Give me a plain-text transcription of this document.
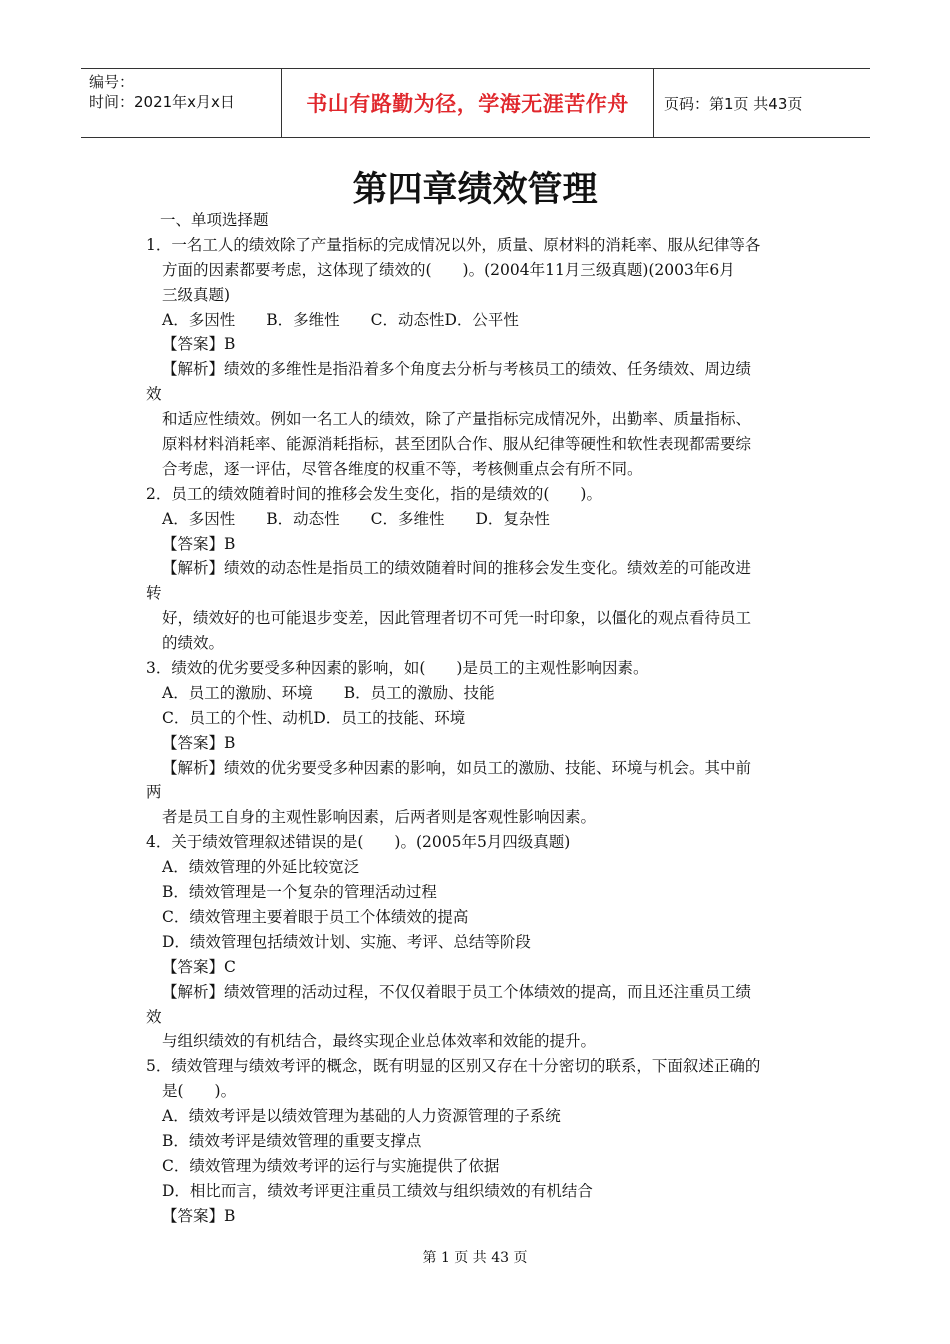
编号：
时间：2021年x月x日	书山有路勤为径，学海无涯苦作舟 页码：第1页 共43页
第四章绩效管理
一、单项选择题
1．一名工人的绩效除了产量指标的完成情况以外，质量、原材料的消耗率、服从纪律等各
方面的因素都要考虑，这体现了绩效的(　　)。(2004年11月三级真题)(2003年6月
三级真题)
A．多因性　　B．多维性　　C．动态性D．公平性
【答案】B
【解析】绩效的多维性是指沿着多个角度去分析与考核员工的绩效、任务绩效、周边绩
效
和适应性绩效。例如一名工人的绩效，除了产量指标完成情况外，出勤率、质量指标、
原料材料消耗率、能源消耗指标，甚至团队合作、服从纪律等硬性和软性表现都需要综
合考虑，逐一评估，尽管各维度的权重不等，考核侧重点会有所不同。
2．员工的绩效随着时间的推移会发生变化，指的是绩效的(　　)。
A．多因性　　B．动态性　　C．多维性　　D．复杂性
【答案】B
【解析】绩效的动态性是指员工的绩效随着时间的推移会发生变化。绩效差的可能改进
转
好，绩效好的也可能退步变差，因此管理者切不可凭一时印象，以僵化的观点看待员工
的绩效。
3．绩效的优劣要受多种因素的影响，如(　　)是员工的主观性影响因素。
A．员工的激励、环境　　B．员工的激励、技能
C．员工的个性、动机D．员工的技能、环境
【答案】B
【解析】绩效的优劣要受多种因素的影响，如员工的激励、技能、环境与机会。其中前
两
者是员工自身的主观性影响因素，后两者则是客观性影响因素。
4．关于绩效管理叙述错误的是(　　)。(2005年5月四级真题)
A．绩效管理的外延比较宽泛
B．绩效管理是一个复杂的管理活动过程
C．绩效管理主要着眼于员工个体绩效的提高
D．绩效管理包括绩效计划、实施、考评、总结等阶段
【答案】C
【解析】绩效管理的活动过程，不仅仅着眼于员工个体绩效的提高，而且还注重员工绩
效
与组织绩效的有机结合，最终实现企业总体效率和效能的提升。
5．绩效管理与绩效考评的概念，既有明显的区别又存在十分密切的联系，下面叙述正确的
是(　　)。
A．绩效考评是以绩效管理为基础的人力资源管理的子系统
B．绩效考评是绩效管理的重要支撑点
C．绩效管理为绩效考评的运行与实施提供了依据
D．相比而言，绩效考评更注重员工绩效与组织绩效的有机结合
【答案】B
第 1 页 共 43 页
